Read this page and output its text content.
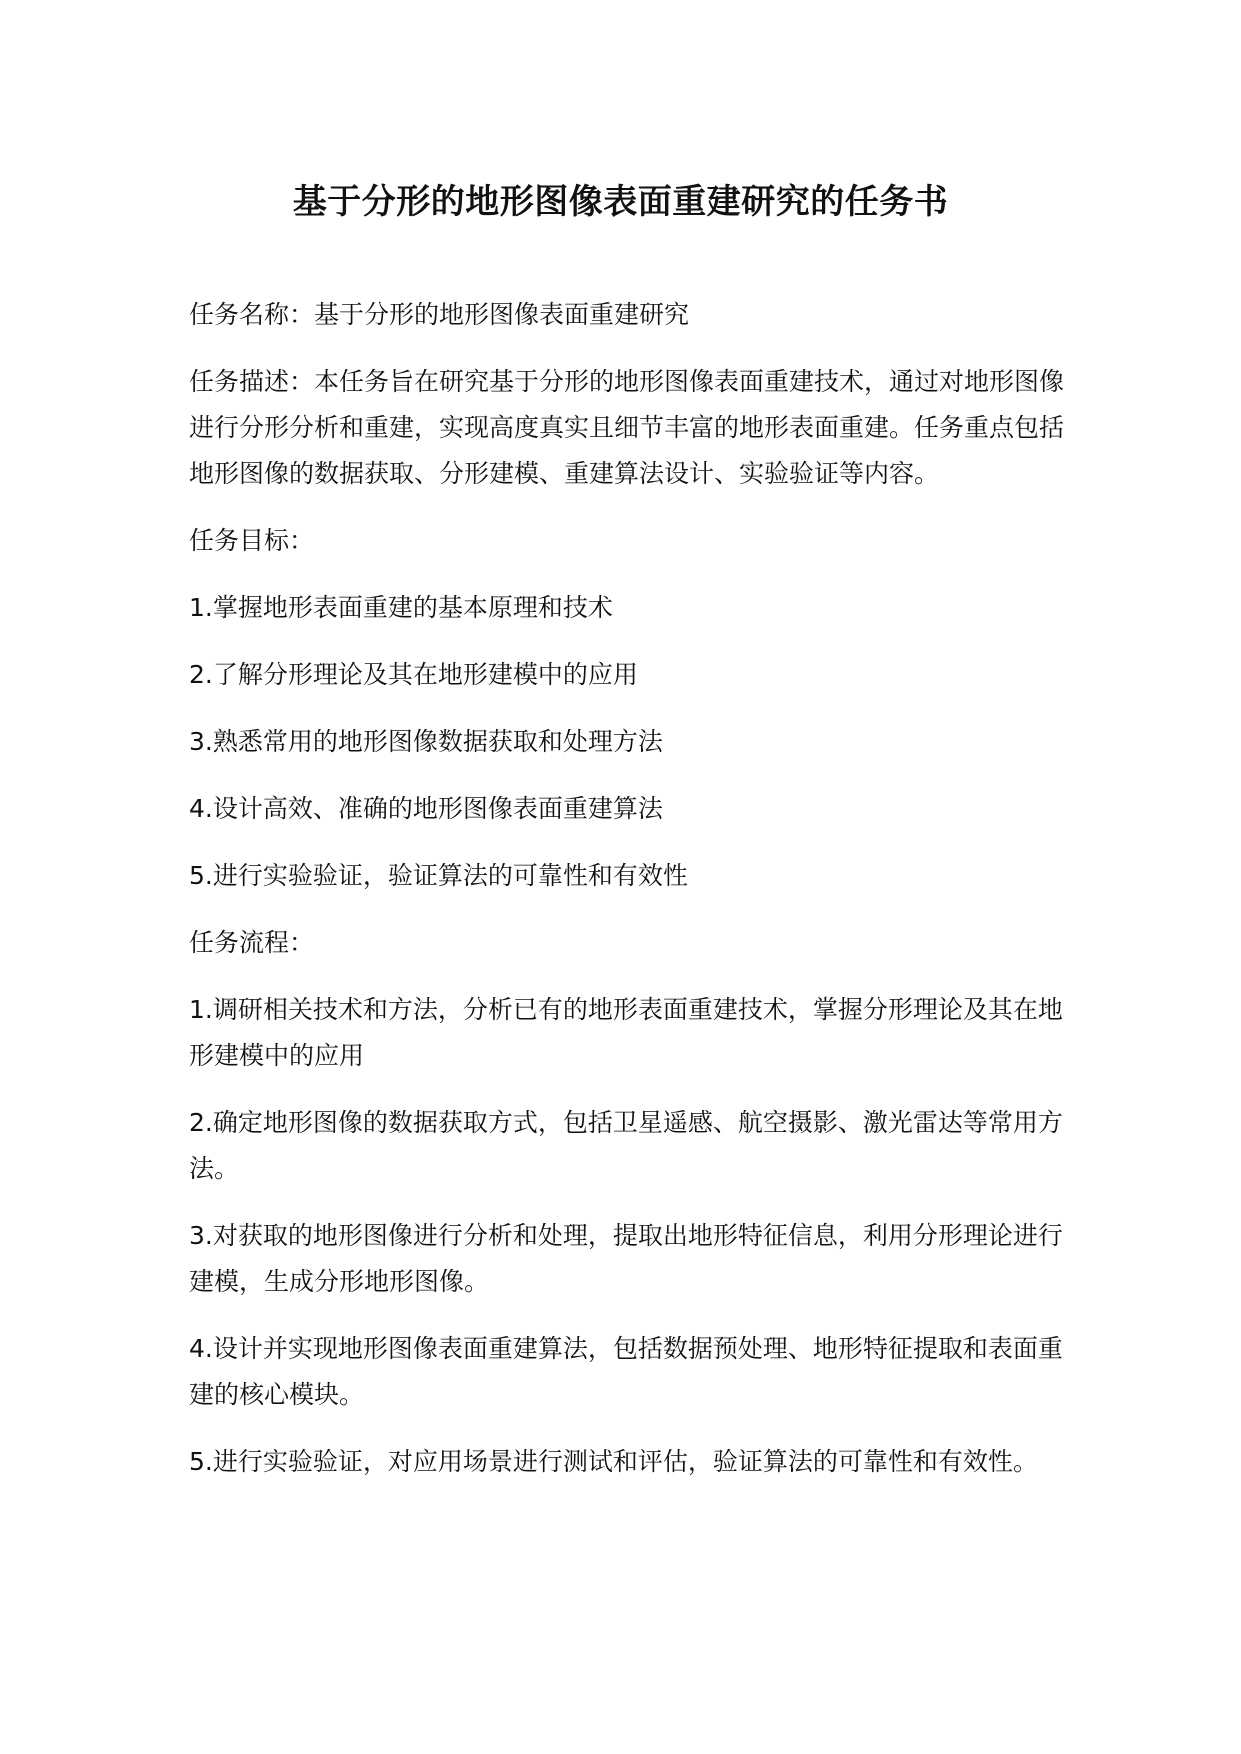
基于分形的地形图像表面重建研究的任务书

任务名称：基于分形的地形图像表面重建研究

任务描述：本任务旨在研究基于分形的地形图像表面重建技术，通过对地形图像进行分形分析和重建，实现高度真实且细节丰富的地形表面重建。任务重点包括地形图像的数据获取、分形建模、重建算法设计、实验验证等内容。

任务目标：

1.掌握地形表面重建的基本原理和技术

2.了解分形理论及其在地形建模中的应用

3.熟悉常用的地形图像数据获取和处理方法

4.设计高效、准确的地形图像表面重建算法

5.进行实验验证，验证算法的可靠性和有效性

任务流程：

1.调研相关技术和方法，分析已有的地形表面重建技术，掌握分形理论及其在地形建模中的应用

2.确定地形图像的数据获取方式，包括卫星遥感、航空摄影、激光雷达等常用方法。

3.对获取的地形图像进行分析和处理，提取出地形特征信息，利用分形理论进行建模，生成分形地形图像。

4.设计并实现地形图像表面重建算法，包括数据预处理、地形特征提取和表面重建的核心模块。

5.进行实验验证，对应用场景进行测试和评估，验证算法的可靠性和有效性。
